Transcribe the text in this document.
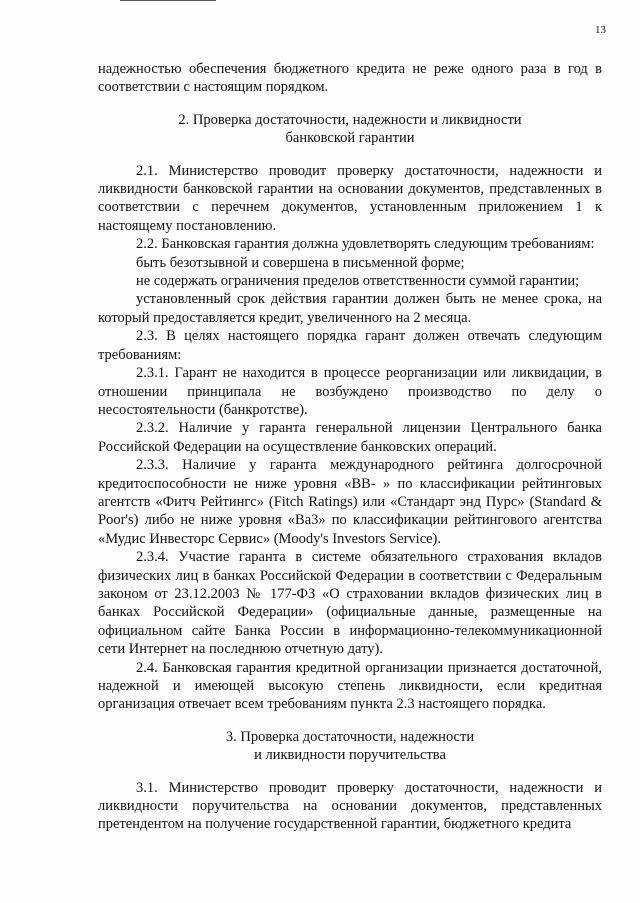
13

надежностью обеспечения бюджетного кредита не реже одного раза в год в соответствии с настоящим порядком.

2. Проверка достаточности, надежности и ликвидности

банковской гарантии

2.1. Министерство проводит проверку достаточности, надежности и ликвидности банковской гарантии на основании документов, представленных в соответствии с перечнем документов, установленным приложением 1 к настоящему постановлению.

2.2. Банковская гарантия должна удовлетворять следующим требованиям:

быть безотзывной и совершена в письменной форме;

не содержать ограничения пределов ответственности суммой гарантии;

установленный срок действия гарантии должен быть не менее срока, на который предоставляется кредит, увеличенного на 2 месяца.

2.3. В целях настоящего порядка гарант должен отвечать следующим требованиям:

2.3.1. Гарант не находится в процессе реорганизации или ликвидации, в отношении принципала не возбуждено производство по делу о несостоятельности (банкротстве).

2.3.2. Наличие у гаранта генеральной лицензии Центрального банка Российской Федерации на осуществление банковских операций.

2.3.3. Наличие у гаранта международного рейтинга долгосрочной кредитоспособности не ниже уровня «BB- » по классификации рейтинговых агентств «Фитч Рейтингс» (Fitch Ratings) или «Стандарт энд Пурс» (Standard & Poor's) либо не ниже уровня «Ba3» по классификации рейтингового агентства «Мудис Инвесторс Сервис» (Moody's Investors Service).

2.3.4. Участие гаранта в системе обязательного страхования вкладов физических лиц в банках Российской Федерации в соответствии с Федеральным законом от 23.12.2003 № 177-ФЗ «О страховании вкладов физических лиц в банках Российской Федерации» (официальные данные, размещенные на официальном сайте Банка России в информационно-телекоммуникационной сети Интернет на последнюю отчетную дату).

2.4. Банковская гарантия кредитной организации признается достаточной, надежной и имеющей высокую степень ликвидности, если кредитная организация отвечает всем требованиям пункта 2.3 настоящего порядка.

3. Проверка достаточности, надежности

и ликвидности поручительства

3.1. Министерство проводит проверку достаточности, надежности и ликвидности поручительства на основании документов, представленных претендентом на получение государственной гарантии, бюджетного кредита
